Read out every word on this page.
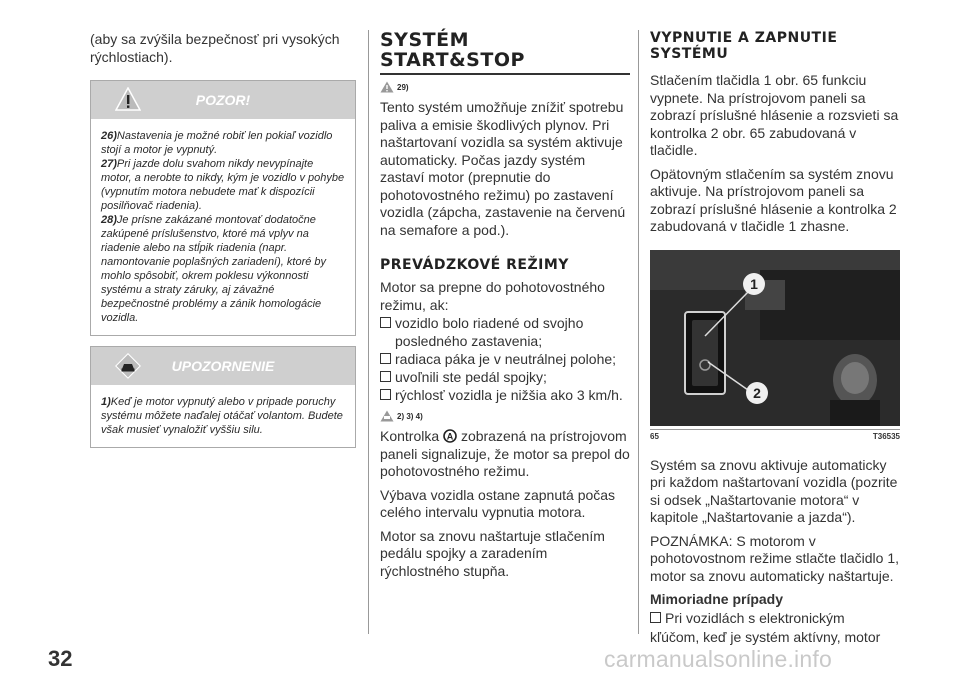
(aby sa zvýšila bezpečnosť pri vysokých rýchlostiach).
POZOR!
26)Nastavenia je možné robiť len pokiaľ vozidlo stojí a motor je vypnutý.
27)Pri jazde dolu svahom nikdy nevypínajte motor, a nerobte to nikdy, kým je vozidlo v pohybe (vypnutím motora nebudete mať k dispozícii posilňovač riadenia).
28)Je prísne zakázané montovať dodatočne zakúpené príslušenstvo, ktoré má vplyv na riadenie alebo na stĺpik riadenia (napr. namontovanie poplašných zariadení), ktoré by mohlo spôsobiť, okrem poklesu výkonnosti systému a straty záruky, aj závažné bezpečnostné problémy a zánik homologácie vozidla.
UPOZORNENIE
1)Keď je motor vypnutý alebo v pripade poruchy systému môžete naďalej otáčať volantom. Budete však musieť vynaložiť vyššiu silu.
SYSTÉM
START&STOP
29)
Tento systém umožňuje znížiť spotrebu paliva a emisie škodlivých plynov. Pri naštartovaní vozidla sa systém aktivuje automaticky. Počas jazdy systém zastaví motor (prepnutie do pohotovostného režimu) po zastavení vozidla (zápcha, zastavenie na červenú na semafore a pod.).
PREVÁDZKOVÉ REŽIMY
Motor sa prepne do pohotovostného režimu, ak:
vozidlo bolo riadené od svojho posledného zastavenia;
radiaca páka je v neutrálnej polohe;
uvoľnili ste pedál spojky;
rýchlosť vozidla je nižšia ako 3 km/h.
2) 3) 4)
Kontrolka A zobrazená na prístrojovom paneli signalizuje, že motor sa prepol do pohotovostného režimu.
Výbava vozidla ostane zapnutá počas celého intervalu vypnutia motora.
Motor sa znovu naštartuje stlačením pedálu spojky a zaradením rýchlostného stupňa.
VYPNUTIE A ZAPNUTIE
SYSTÉMU
Stlačením tlačidla 1 obr. 65 funkciu vypnete. Na prístrojovom paneli sa zobrazí príslušné hlásenie a rozsvieti sa kontrolka 2 obr. 65 zabudovaná v tlačidle.
Opätovným stlačením sa systém znovu aktivuje. Na prístrojovom paneli sa zobrazí príslušné hlásenie a kontrolka 2 zabudovaná v tlačidle 1 zhasne.
1
2
65	T36535
Systém sa znovu aktivuje automaticky pri každom naštartovaní vozidla (pozrite si odsek „Naštartovanie motora“ v kapitole „Naštartovanie a jazda“).
POZNÁMKA: S motorom v pohotovostnom režime stlačte tlačidlo 1, motor sa znovu automaticky naštartuje.
Mimoriadne prípady
Pri vozidlách s elektronickým
kľúčom, keď je systém aktívny, motor
32	carmanualsonline.info
